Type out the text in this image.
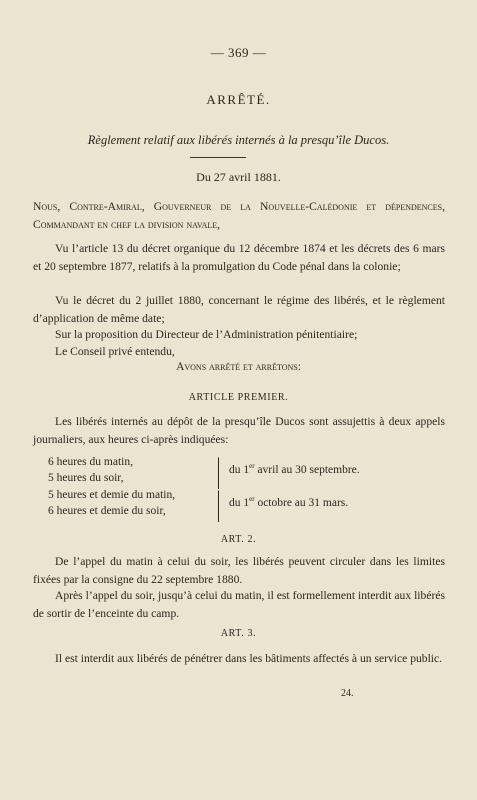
— 369 —
ARRÊTÉ.
Règlement relatif aux libérés internés à la presqu’île Ducos.
Du 27 avril 1881.
Nous, Contre-Amiral, Gouverneur de la Nouvelle-Calédonie et dépendences, Commandant en chef la division navale,
Vu l’article 13 du décret organique du 12 décembre 1874 et les décrets des 6 mars et 20 septembre 1877, relatifs à la promulgation du Code pénal dans la colonie;
Vu le décret du 2 juillet 1880, concernant le régime des libérés, et le règlement d’application de même date;
Sur la proposition du Directeur de l’Administration pénitentiaire;
Le Conseil privé entendu,
Avons arrêté et arrêtons:
ARTICLE PREMIER.
Les libérés internés au dépôt de la presqu’île Ducos sont assujettis à deux appels journaliers, aux heures ci-après indiquées:
6 heures du matin,
5 heures du soir,
du 1er avril au 30 septembre.
5 heures et demie du matin,
6 heures et demie du soir,
du 1er octobre au 31 mars.
ART. 2.
De l’appel du matin à celui du soir, les libérés peuvent circuler dans les limites fixées par la consigne du 22 septembre 1880.
Après l’appel du soir, jusqu’à celui du matin, il est formellement interdit aux libérés de sortir de l’enceinte du camp.
ART. 3.
Il est interdit aux libérés de pénétrer dans les bâtiments affectés à un service public.
24.
